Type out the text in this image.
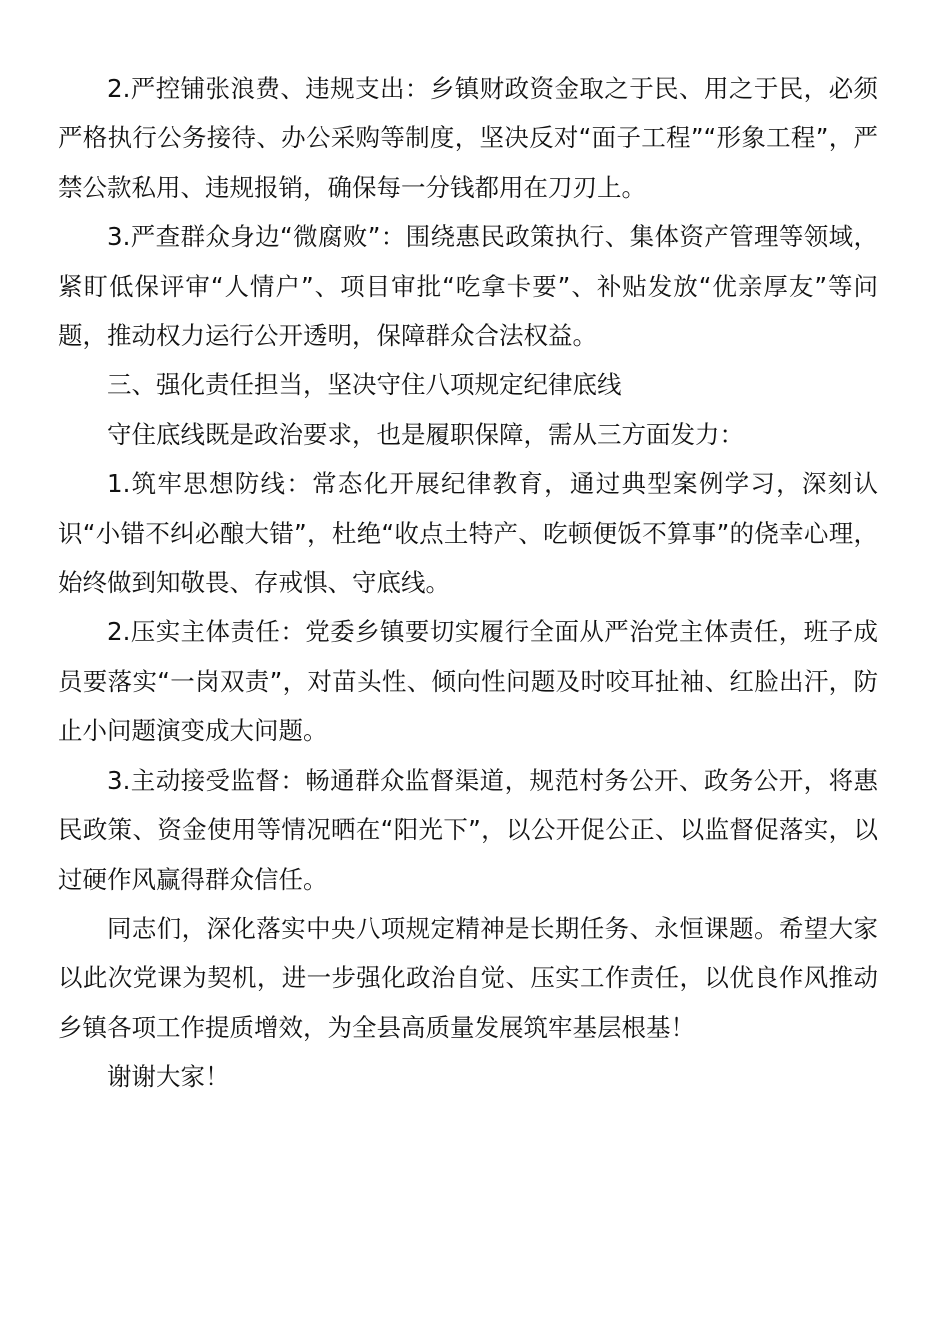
2.严控铺张浪费、违规支出：乡镇财政资金取之于民、用之于民，必须严格执行公务接待、办公采购等制度，坚决反对“面子工程”“形象工程”，严禁公款私用、违规报销，确保每一分钱都用在刀刃上。

3.严查群众身边“微腐败”：围绕惠民政策执行、集体资产管理等领域，紧盯低保评审“人情户”、项目审批“吃拿卡要”、补贴发放“优亲厚友”等问题，推动权力运行公开透明，保障群众合法权益。

三、强化责任担当，坚决守住八项规定纪律底线

守住底线既是政治要求，也是履职保障，需从三方面发力：

1.筑牢思想防线：常态化开展纪律教育，通过典型案例学习，深刻认识“小错不纠必酿大错”，杜绝“收点土特产、吃顿便饭不算事”的侥幸心理，始终做到知敬畏、存戒惧、守底线。

2.压实主体责任：党委乡镇要切实履行全面从严治党主体责任，班子成员要落实“一岗双责”，对苗头性、倾向性问题及时咬耳扯袖、红脸出汗，防止小问题演变成大问题。

3.主动接受监督：畅通群众监督渠道，规范村务公开、政务公开，将惠民政策、资金使用等情况晒在“阳光下”，以公开促公正、以监督促落实，以过硬作风赢得群众信任。

同志们，深化落实中央八项规定精神是长期任务、永恒课题。希望大家以此次党课为契机，进一步强化政治自觉、压实工作责任，以优良作风推动乡镇各项工作提质增效，为全县高质量发展筑牢基层根基！

谢谢大家！
